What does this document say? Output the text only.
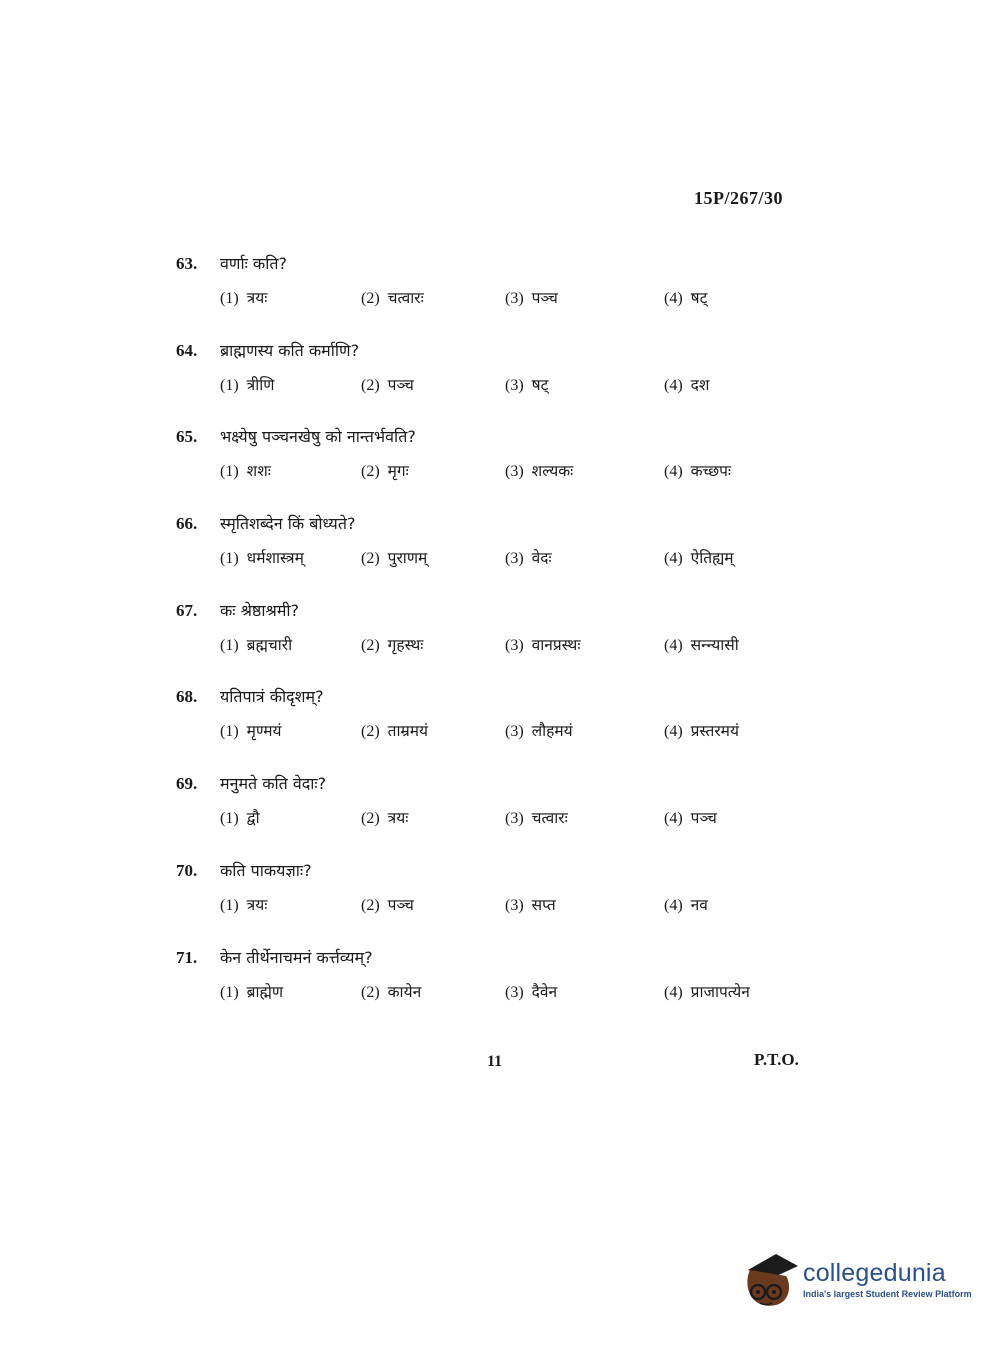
15P/267/30
63.	वर्णाः कति?
(1) त्रयः	(2) चत्वारः	(3) पञ्च	(4) षट्
64.	ब्राह्मणस्य कति कर्माणि?
(1) त्रीणि	(2) पञ्च	(3) षट्	(4) दश
65.	भक्ष्येषु पञ्चनखेषु को नान्तर्भवति?
(1) शशः	(2) मृगः	(3) शल्यकः	(4) कच्छपः
66.	स्मृतिशब्देन किं बोध्यते?
(1) धर्मशास्त्रम्	(2) पुराणम्	(3) वेदः	(4) ऐतिह्यम्
67.	कः श्रेष्ठाश्रमी?
(1) ब्रह्मचारी	(2) गृहस्थः	(3) वानप्रस्थः	(4) सन्न्यासी
68.	यतिपात्रं कीदृशम्?
(1) मृण्मयं	(2) ताम्रमयं	(3) लौहमयं	(4) प्रस्तरमयं
69.	मनुमते कति वेदाः?
(1) द्वौ	(2) त्रयः	(3) चत्वारः	(4) पञ्च
70.	कति पाकयज्ञाः?
(1) त्रयः	(2) पञ्च	(3) सप्त	(4) नव
71.	केन तीर्थेनाचमनं कर्त्तव्यम्?
(1) ब्राह्मेण	(2) कायेन	(3) दैवेन	(4) प्राजापत्येन
11	P.T.O.
collegedunia
India's largest Student Review Platform
